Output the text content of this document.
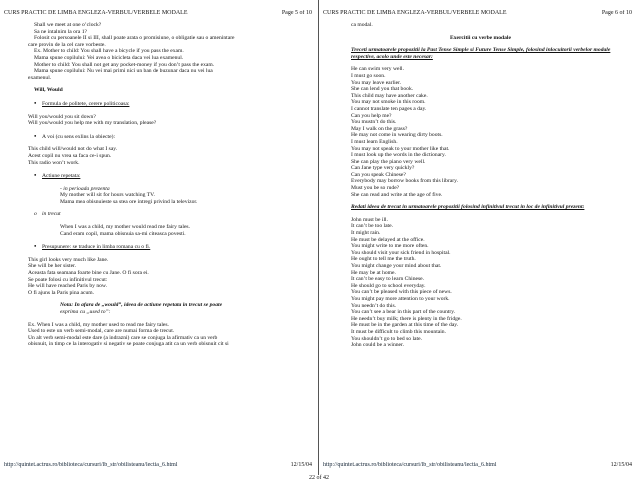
CURS PRACTIC DE LIMBA ENGLEZA-VERBUL/VERBELE MODALE	Page 5 of 10
Shall we meet at one o’clock?
Sa ne intalnim la ora 1?
Folosit cu persoanele II si III, shall poate arata o promisiune, o obligatie sau o amenintare
care provin de la cel care vorbeste.
Ex. Mother to child: You shall have a bicycle if you pass the exam.
Mama spune copilului: Vei avea o bicicleta daca vei lua examenul.
Mother to child: You shall not get any pocket-money if you don’t pass the exam.
Mama spune copilului: Nu vei mai primi nici un ban de buzunar daca nu vei lua
examenul.
Will, Would
● Formula de politete, cerere politicoasa:
Will you/would you sit down?
Will you/would you help me with my translation, please?
● A voi (cu sens exlins la obiecte):
This child will/would not do what I say.
Acest copil nu vrea sa faca ce-i spun.
This radio won’t work.
● Actiune repetata:
- in perioada prezenta
My mother will sit for hours watching TV.
Mama mea obisnuieste sa stea ore intregi privind la televizor.
o in trecut
When I was a child, my mother would read me fairy tales.
Cand eram copil, mama obisnuia sa-mi citeasca povesti.
● Presupunere: se traduce in limba romana cu o fi.
This girl looks very much like Jane.
She will be her sister.
Aceasta fata seamana foarte bine cu Jane. O fi sora ei.
Se poate folosi cu infinitivul trecut:
He will have reached Paris by now.
O fi ajuns la Paris pina acum.
Nota: In afara de „would”, ideea de actiune repetata in trecut se poate
exprima cu „used to”:
Ex. When I was a child, my mother used to read me fairy tales.
Used to este un verb semi-modal, care are numai forma de trecut.
Un alt verb semi-modal este dare (a indrazni) care se conjuga la afirmativ ca un verb
obisnuit, in timp ce la interogativ si negativ se poate conjuga atit ca un verb obisnuit cit si
http://quintet.actrus.ro/biblioteca/cursuri/lb_str/obilisteanu/lectia_6.html	12/15/04
CURS PRACTIC DE LIMBA ENGLEZA-VERBUL/VERBELE MODALE	Page 6 of 10
ca modal.
Exercitii cu verbe modale
1. Treceti urmatoarele propozitii la Past Tense Simple si Future Tense Simple, folosind inlocuitorii verbelor modale respective, acolo unde este necesar:
1. He can swim very well.
2. I must go soon.
3. You may leave earlier.
4. She can lend you that book.
5. This child may have another cake.
6. You may not smoke in this room.
7. I cannot translate ten pages a day.
8. Can you help me?
9. You mustn’t do this.
10. May I walk on the grass?
11. He may not come in wearing dirty boots.
12. I must learn English.
13. You may not speak to your mother like that.
14. I must look up the words in the dictionary.
15. She can play the piano very well.
16. Can Jane type very quickly?
17. Can you speak Chinese?
18. Everybody may borrow books from this library.
19. Must you be so rude?
20. She can read and write at the age of five.
2. Redati ideea de trecut in urmatoarele propozitii folosind infinitivul trecut in loc de infinitivul prezent:
1. John must be ill.
2. It can’t be too late.
3. It might rain.
4. He must be delayed at the office.
5. You might write to me more often.
6. You should visit your sick friend in hospital.
7. He ought to tell me the truth.
8. You might change your mind about that.
9. He may be at home.
10. It can’t be easy to learn Chinese.
11. He should go to school everyday.
12. You can’t be pleased with this piece of news.
13. You might pay more attention to your work.
14. You needn’t do this.
15. You can’t see a bear in this part of the country.
16. He needn’t buy milk; there is plenty in the fridge.
17. He must be in the garden at this time of the day.
18. It must be difficult to climb this mountain.
19. You shouldn’t go to bed so late.
20. John could be a winner.
http://quintet.actrus.ro/biblioteca/cursuri/lb_str/obilisteanu/lectia_6.html	12/15/04
22 of 42
